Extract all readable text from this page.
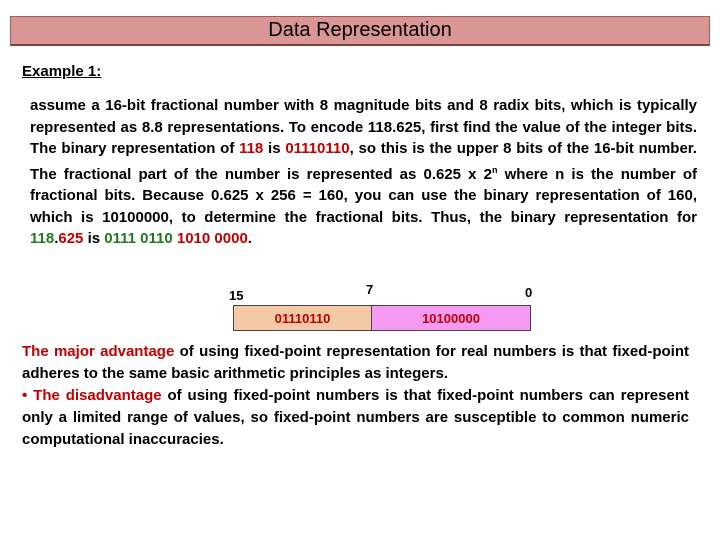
Data Representation
Example 1:
assume a 16-bit fractional number with 8 magnitude bits and 8 radix bits, which is typically represented as 8.8 representations. To encode 118.625, first find the value of the integer bits. The binary representation of 118 is 01110110, so this is the upper 8 bits of the 16-bit number. The fractional part of the number is represented as 0.625 x 2$^n$ where n is the number of fractional bits. Because 0.625 x 256 = 160, you can use the binary representation of 160, which is 10100000, to determine the fractional bits. Thus, the binary representation for 118.625 is 0111 0110 1010 0000.
15	7	0
01110110	10100000
The major advantage of using fixed-point representation for real numbers is that fixed-point adheres to the same basic arithmetic principles as integers.
• The disadvantage of using fixed-point numbers is that fixed-point numbers can represent only a limited range of values, so fixed-point numbers are susceptible to common numeric computational inaccuracies.
